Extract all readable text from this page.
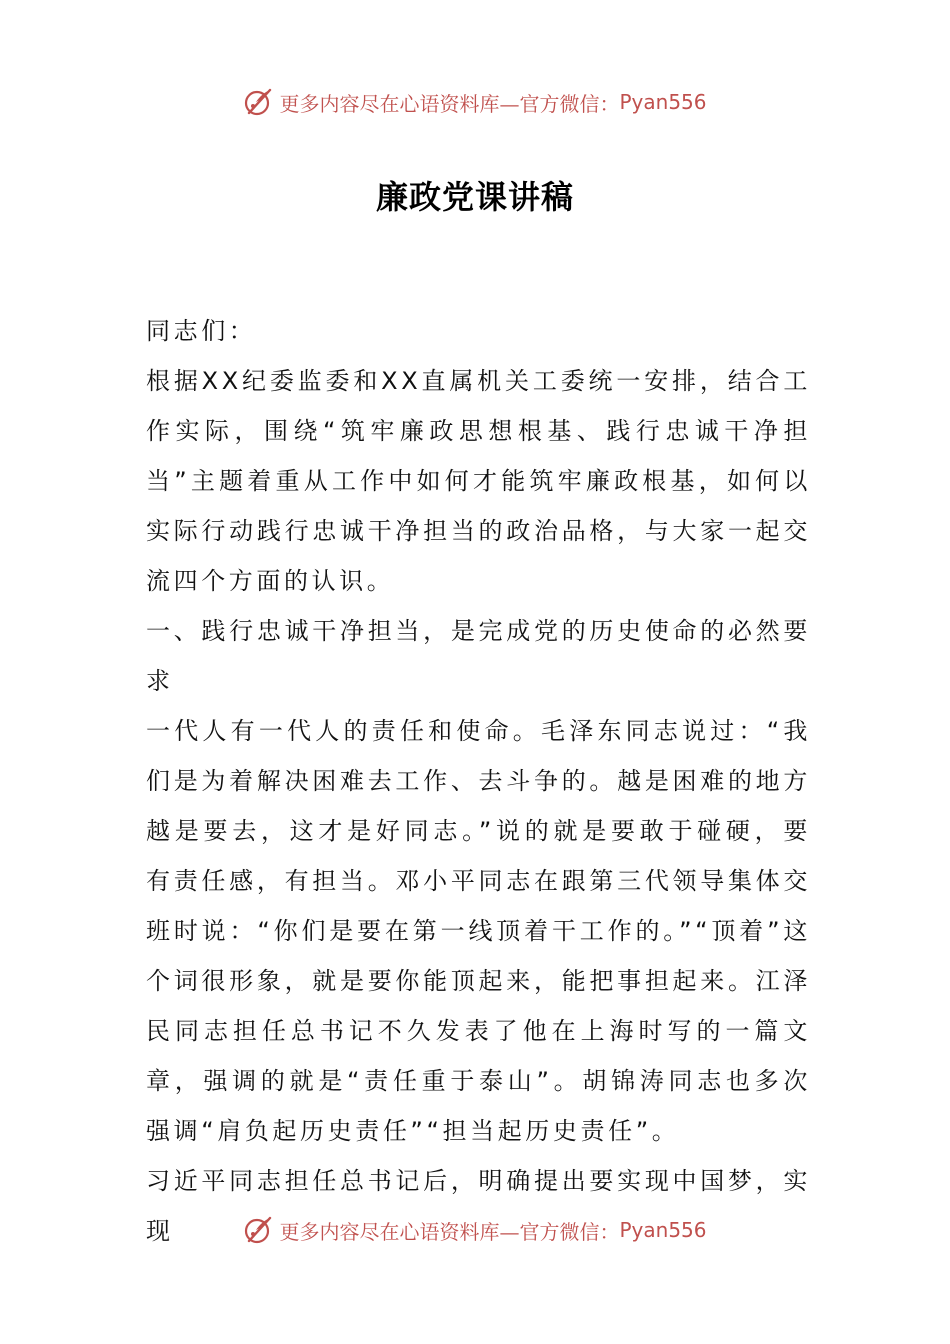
更多内容尽在心语资料库—官方微信： Pyan556
廉政党课讲稿

同志们：

根据XX纪委监委和XX直属机关工委统一安排，结合工作实际，围绕“筑牢廉政思想根基、践行忠诚干净担当”主题着重从工作中如何才能筑牢廉政根基，如何以实际行动践行忠诚干净担当的政治品格，与大家一起交流四个方面的认识。

一、践行忠诚干净担当，是完成党的历史使命的必然要求

一代人有一代人的责任和使命。毛泽东同志说过：“我们是为着解决困难去工作、去斗争的。越是困难的地方越是要去，这才是好同志。”说的就是要敢于碰硬，要有责任感，有担当。邓小平同志在跟第三代领导集体交班时说：“你们是要在第一线顶着干工作的。”“顶着”这个词很形象，就是要你能顶起来，能把事担起来。江泽民同志担任总书记不久发表了他在上海时写的一篇文章，强调的就是“责任重于泰山”。胡锦涛同志也多次强调“肩负起历史责任”“担当起历史责任”。

习近平同志担任总书记后，明确提出要实现中国梦，实现	更多内容尽在心语资料库—官方微信： Pyan556
